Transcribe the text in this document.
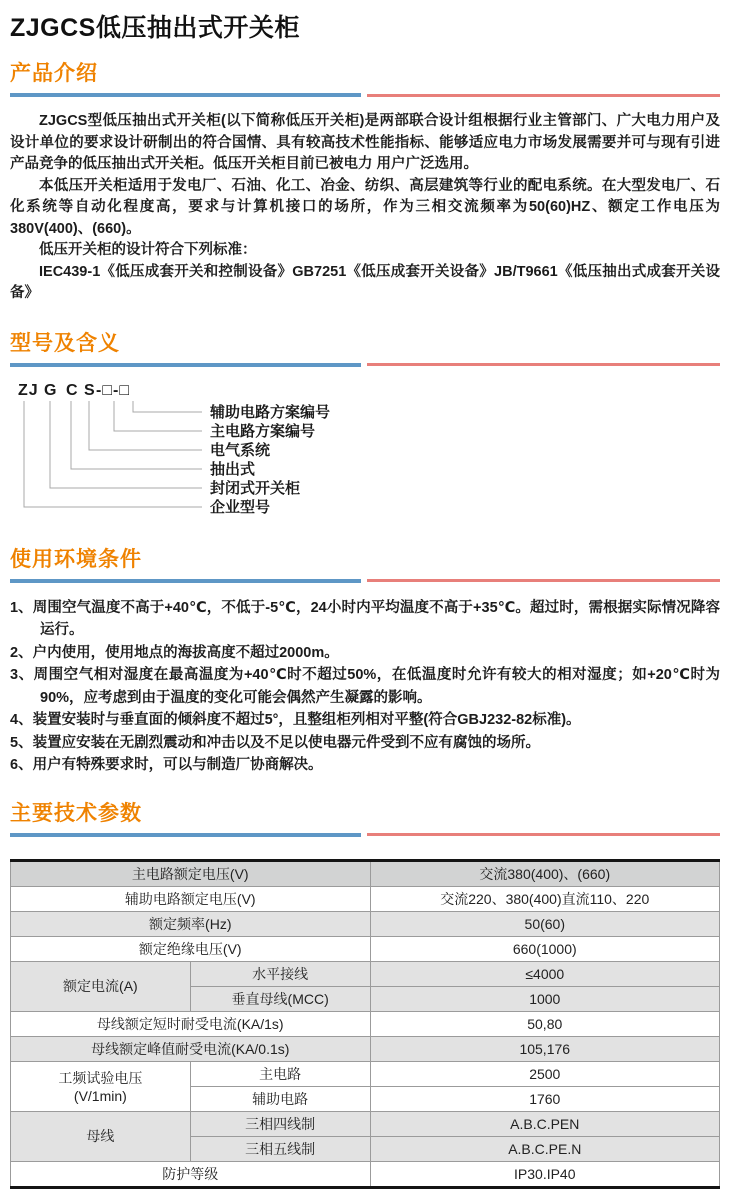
ZJGCS低压抽出式开关柜
产品介绍

ZJGCS型低压抽出式开关柜(以下简称低压开关柜)是两部联合设计组根据行业主管部门、广大电力用户及设计单位的要求设计研制出的符合国情、具有较高技术性能指标、能够适应电力市场发展需要并可与现有引进产品竞争的低压抽出式开关柜。低压开关柜目前已被电力 用户广泛选用。

本低压开关柜适用于发电厂、石油、化工、冶金、纺织、高层建筑等行业的配电系统。在大型发电厂、石化系统等自动化程度高，要求与计算机接口的场所，作为三相交流频率为50(60)HZ、额定工作电压为380V(400)、(660)。

低压开关柜的设计符合下列标准：

IEC439-1《低压成套开关和控制设备》GB7251《低压成套开关设备》JB/T9661《低压抽出式成套开关设备》

型号及含义
ZJ G C S -□-□
辅助电路方案编号
主电路方案编号
电气系统
抽出式
封闭式开关柜
企业型号
使用环境条件

1、周围空气温度不高于+40℃，不低于-5℃，24小时内平均温度不高于+35℃。超过时，需根据实际情况降容运行。

2、户内使用，使用地点的海拔高度不超过2000m。

3、周围空气相对湿度在最高温度为+40℃时不超过50%，在低温度时允许有较大的相对湿度；如+20℃时为90%，应考虑到由于温度的变化可能会偶然产生凝露的影响。

4、装置安装时与垂直面的倾斜度不超过5°，且整组柜列相对平整(符合GBJ232-82标准)。

5、装置应安装在无剧烈震动和冲击以及不足以使电器元件受到不应有腐蚀的场所。

6、用户有特殊要求时，可以与制造厂协商解决。

主要技术参数
主电路额定电压(V)		交流380(400)、(660)
辅助电路额定电压(V)		交流220、380(400)直流110、220
额定频率(Hz)		50(60)
额定绝缘电压(V)		660(1000)
额定电流(A)	水平接线	≤4000
	垂直母线(MCC)	1000
母线额定短时耐受电流(KA/1s)		50,80
母线额定峰值耐受电流(KA/0.1s)		105,176

工频试验电压
(V/1min)	主电路	2500
	辅助电路	1760
母线	三相四线制	A.B.C.PEN
	三相五线制	A.B.C.PE.N
防护等级		IP30.IP40
